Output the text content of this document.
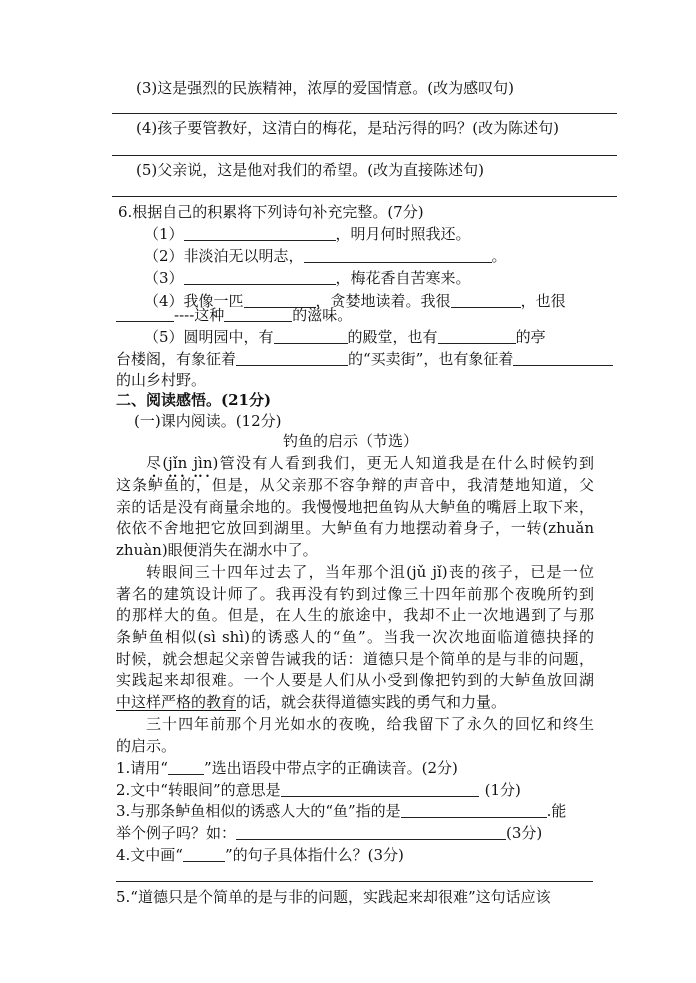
(3)这是强烈的民族精神，浓厚的爱国情意。(改为感叹句)
(4)孩子要管教好，这清白的梅花，是玷污得的吗？(改为陈述句)
(5)父亲说，这是他对我们的希望。(改为直接陈述句)
6.根据自己的积累将下列诗句补充完整。(7分)
（1）	，明月何时照我还。
（2）非淡泊无以明志，	。
（3）	，梅花香自苦寒来。
（4）我像一匹	，贪婪地读着。我很	，也很
----这种	的滋味。
（5）圆明园中，有	的殿堂，也有	的亭
台楼阁，有象征着	的“买卖街”，也有象征着
的山乡村野。
二、阅读感悟。(21分)
(一)课内阅读。(12分)
钓鱼的启示（节选）
尽(jǐn jìn)管没有人看到我们，更无人知道我是在什么时候钓到
这条鲈鱼的，但是，从父亲那不容争辩的声音中，我清楚地知道，父
亲的话是没有商量余地的。我慢慢地把鱼钩从大鲈鱼的嘴唇上取下来，
依依不舍地把它放回到湖里。大鲈鱼有力地摆动着身子，一转(zhuǎn
zhuàn)眼便消失在湖水中了。
转眼间三十四年过去了，当年那个沮(jǔ jǐ)丧的孩子，已是一位
著名的建筑设计师了。我再没有钓到过像三十四年前那个夜晚所钓到
的那样大的鱼。但是，在人生的旅途中，我却不止一次地遇到了与那
条鲈鱼相似(sì shì)的诱惑人的“鱼”。当我一次次地面临道德抉择的
时候，就会想起父亲曾告诫我的话：道德只是个简单的是与非的问题，
实践起来却很难。一个人要是人们从小受到像把钓到的大鲈鱼放回湖
中这样严格的教育的话，就会获得道德实践的勇气和力量。
三十四年前那个月光如水的夜晚，给我留下了永久的回忆和终生
的启示。
1.请用“ ”选出语段中带点字的正确读音。(2分)
2.文中“转眼间”的意思是	(1分)
3.与那条鲈鱼相似的诱惑人大的“鱼”指的是	.能
举个例子吗？如：	(3分)
4.文中画“	”的句子具体指什么？(3分)
5.“道德只是个简单的是与非的问题，实践起来却很难”这句话应该
